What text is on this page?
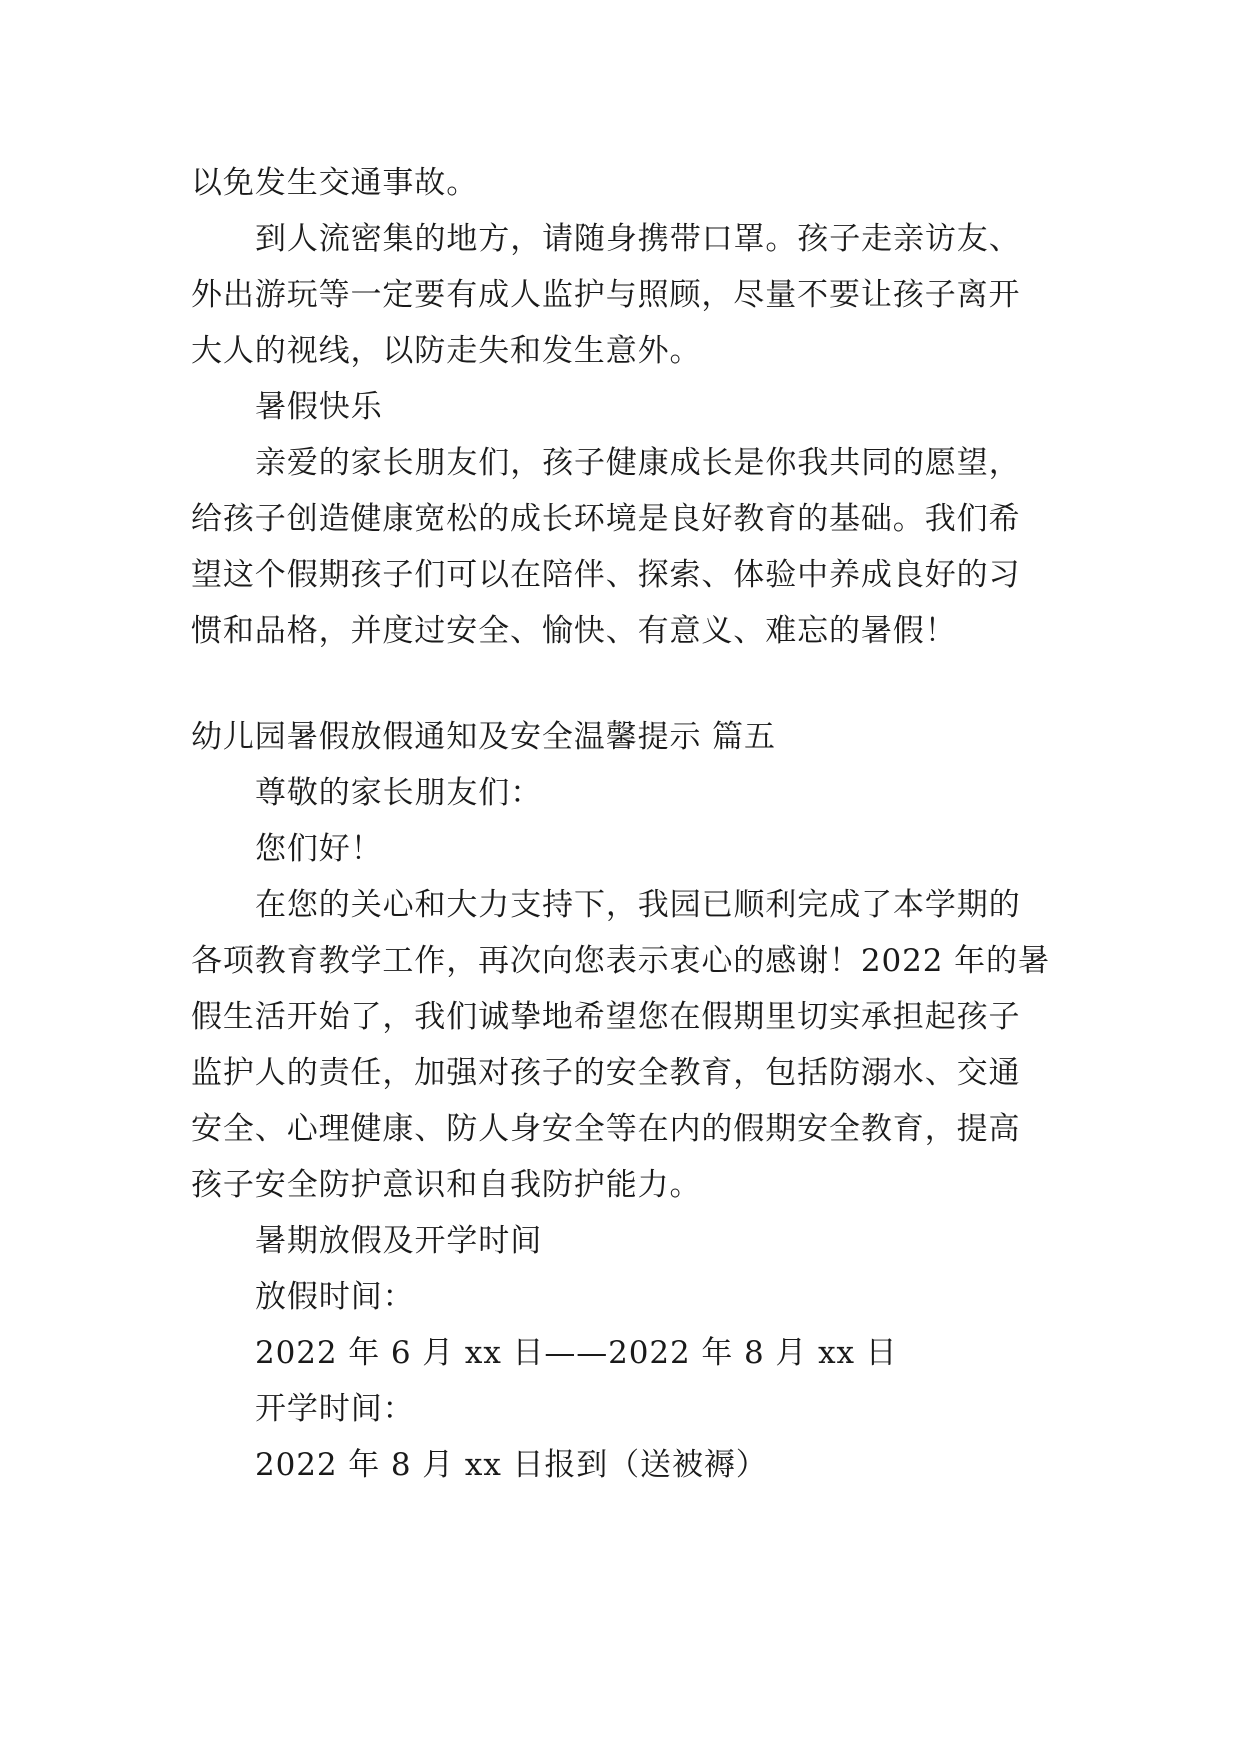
以免发生交通事故。
到人流密集的地方，请随身携带口罩。孩子走亲访友、
外出游玩等一定要有成人监护与照顾，尽量不要让孩子离开
大人的视线，以防走失和发生意外。
暑假快乐
亲爱的家长朋友们，孩子健康成长是你我共同的愿望，
给孩子创造健康宽松的成长环境是良好教育的基础。我们希
望这个假期孩子们可以在陪伴、探索、体验中养成良好的习
惯和品格，并度过安全、愉快、有意义、难忘的暑假！
幼儿园暑假放假通知及安全温馨提示 篇五
尊敬的家长朋友们：
您们好！
在您的关心和大力支持下，我园已顺利完成了本学期的
各项教育教学工作，再次向您表示衷心的感谢！2022 年的暑
假生活开始了，我们诚挚地希望您在假期里切实承担起孩子
监护人的责任，加强对孩子的安全教育，包括防溺水、交通
安全、心理健康、防人身安全等在内的假期安全教育，提高
孩子安全防护意识和自我防护能力。
暑期放假及开学时间
放假时间：
2022 年 6 月 xx 日——2022 年 8 月 xx 日
开学时间：
2022 年 8 月 xx 日报到（送被褥）
